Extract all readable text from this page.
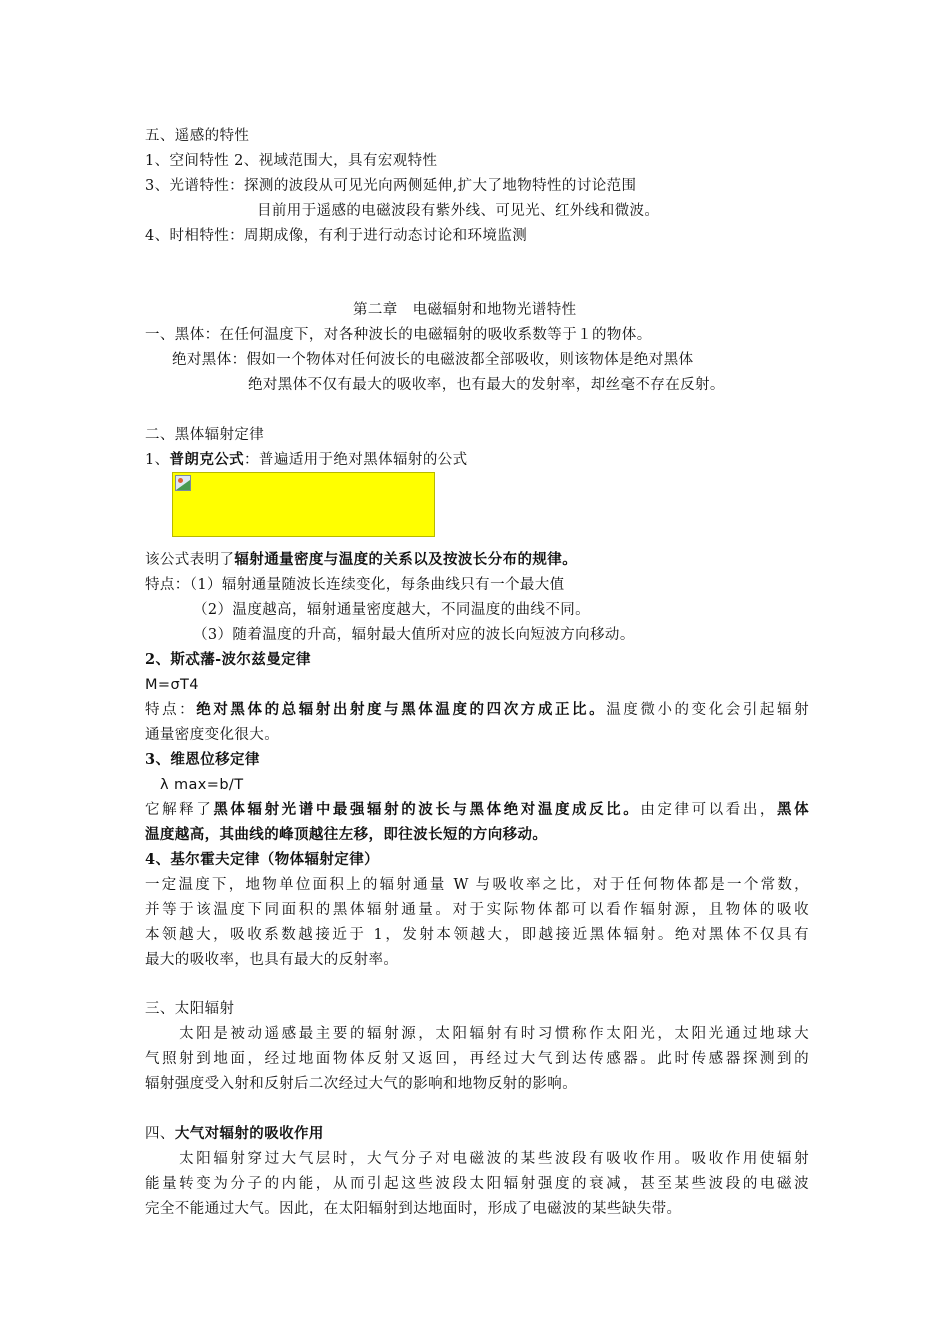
五、遥感的特性
1、空间特性 2、视域范围大，具有宏观特性
3、光谱特性：探测的波段从可见光向两侧延伸,扩大了地物特性的讨论范围
目前用于遥感的电磁波段有紫外线、可见光、红外线和微波。
4、时相特性：周期成像，有利于进行动态讨论和环境监测
第二章　电磁辐射和地物光谱特性
一、黑体：在任何温度下，对各种波长的电磁辐射的吸收系数等于１的物体。
绝对黑体：假如一个物体对任何波长的电磁波都全部吸收，则该物体是绝对黑体
绝对黑体不仅有最大的吸收率，也有最大的发射率，却丝毫不存在反射。
二、黑体辐射定律
1、普朗克公式：普遍适用于绝对黑体辐射的公式
该公式表明了辐射通量密度与温度的关系以及按波长分布的规律。
特点：（1）辐射通量随波长连续变化，每条曲线只有一个最大值
（2）温度越高，辐射通量密度越大，不同温度的曲线不同。
（3）随着温度的升高，辐射最大值所对应的波长向短波方向移动。
2、斯忒藩-波尔兹曼定律
M=σT4
特点：绝对黑体的总辐射出射度与黑体温度的四次方成正比。温度微小的变化会引起辐射
通量密度变化很大。
3、维恩位移定律
λ max=b/T
它解释了黑体辐射光谱中最强辐射的波长与黑体绝对温度成反比。由定律可以看出，黑体
温度越高，其曲线的峰顶越往左移，即往波长短的方向移动。
4、基尔霍夫定律（物体辐射定律）
一定温度下，地物单位面积上的辐射通量 W 与吸收率之比，对于任何物体都是一个常数，
并等于该温度下同面积的黑体辐射通量。对于实际物体都可以看作辐射源，且物体的吸收
本领越大，吸收系数越接近于 1，发射本领越大，即越接近黑体辐射。绝对黑体不仅具有
最大的吸收率，也具有最大的反射率。
三、太阳辐射
　　太阳是被动遥感最主要的辐射源，太阳辐射有时习惯称作太阳光，太阳光通过地球大
气照射到地面，经过地面物体反射又返回，再经过大气到达传感器。此时传感器探测到的
辐射强度受入射和反射后二次经过大气的影响和地物反射的影响。
四、大气对辐射的吸收作用
　　太阳辐射穿过大气层时，大气分子对电磁波的某些波段有吸收作用。吸收作用使辐射
能量转变为分子的内能，从而引起这些波段太阳辐射强度的衰减，甚至某些波段的电磁波
完全不能通过大气。因此，在太阳辐射到达地面时，形成了电磁波的某些缺失带。
